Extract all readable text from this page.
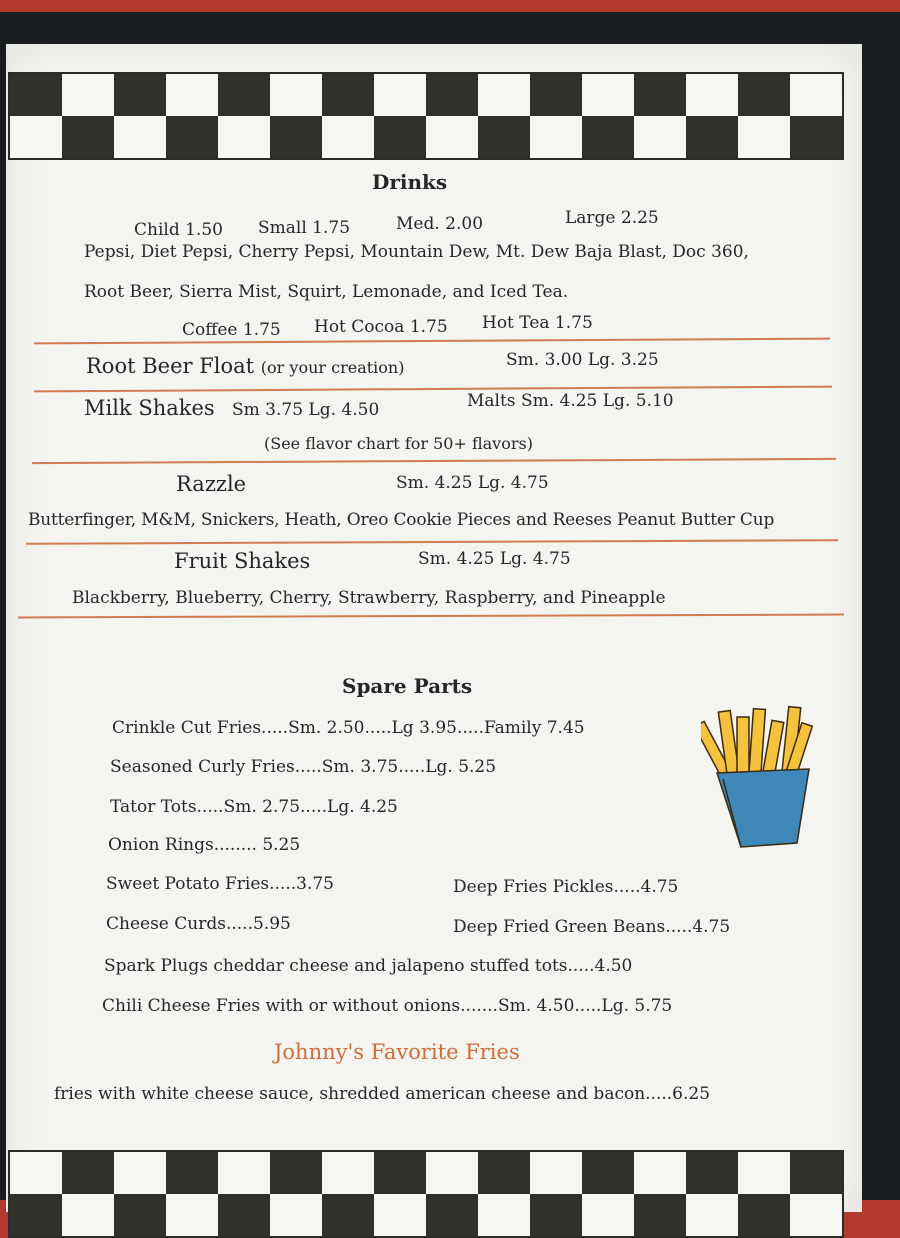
Drinks
Child 1.50 Small 1.75	Med. 2.00	Large 2.25
Pepsi, Diet Pepsi, Cherry Pepsi, Mountain Dew, Mt. Dew Baja Blast, Doc 360,
Root Beer, Sierra Mist, Squirt, Lemonade, and Iced Tea.
Coffee 1.75 Hot Cocoa 1.75 Hot Tea 1.75
Root Beer Float (or your creation)	Sm. 3.00 Lg. 3.25
Milk Shakes Sm 3.75 Lg. 4.50	Malts Sm. 4.25 Lg. 5.10
(See flavor chart for 50+ flavors)
Razzle	Sm. 4.25 Lg. 4.75
Butterfinger, M&M, Snickers, Heath, Oreo Cookie Pieces and Reeses Peanut Butter Cup
Fruit Shakes	Sm. 4.25 Lg. 4.75
Blackberry, Blueberry, Cherry, Strawberry, Raspberry, and Pineapple
Spare Parts
Crinkle Cut Fries.....Sm. 2.50.....Lg 3.95.....Family 7.45
Seasoned Curly Fries.....Sm. 3.75.....Lg. 5.25
Tator Tots.....Sm. 2.75.....Lg. 4.25
Onion Rings........ 5.25
Sweet Potato Fries.....3.75	Deep Fries Pickles.....4.75
Cheese Curds.....5.95	Deep Fried Green Beans.....4.75
Spark Plugs cheddar cheese and jalapeno stuffed tots.....4.50
Chili Cheese Fries with or without onions.......Sm. 4.50.....Lg. 5.75
Johnny's Favorite Fries
fries with white cheese sauce, shredded american cheese and bacon.....6.25
